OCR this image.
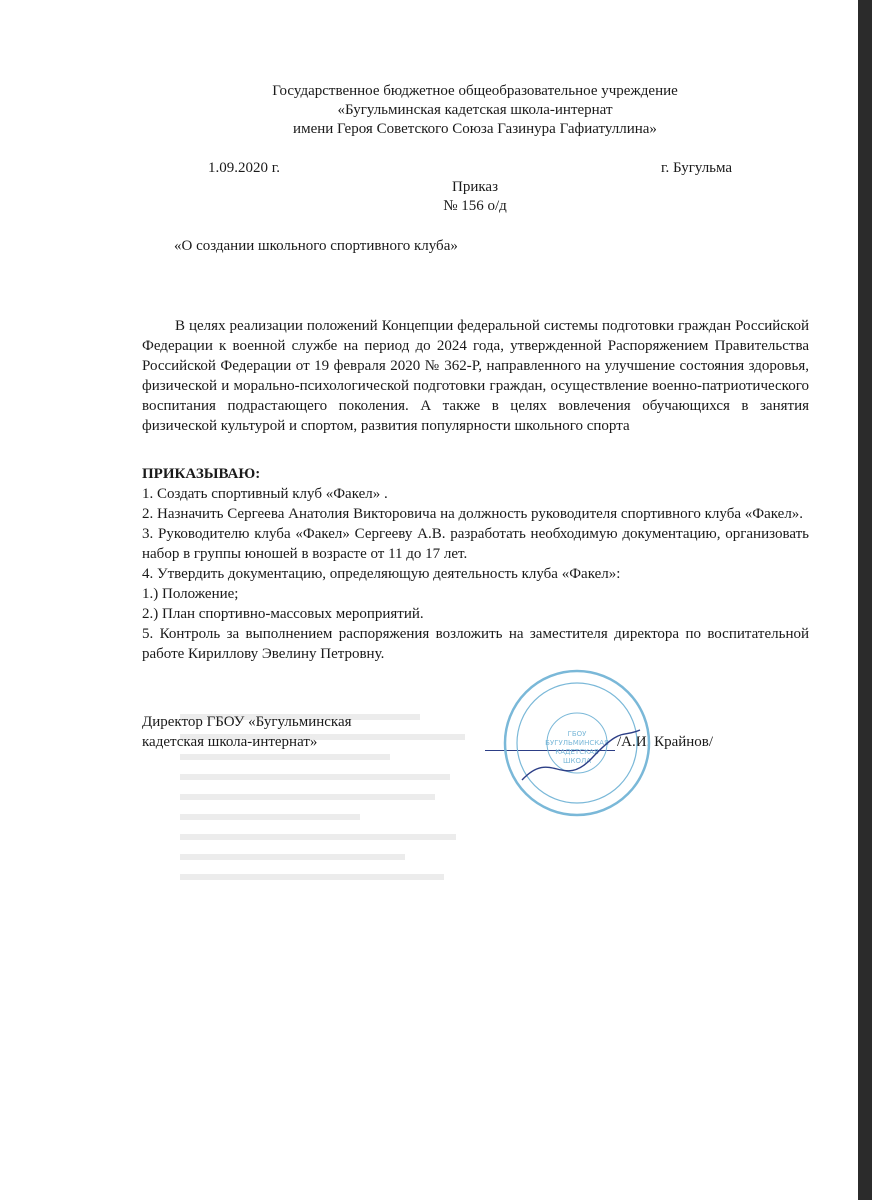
Государственное бюджетное общеобразовательное учреждение
«Бугульминская кадетская школа-интернат
имени Героя Советского Союза Газинура Гафиатуллина»
1.09.2020 г.	г. Бугульма
Приказ
№ 156 о/д
«О создании школьного спортивного клуба»

В целях реализации положений Концепции федеральной системы подготовки граждан Российской Федерации к военной службе на период до 2024 года, утвержденной Распоряжением Правительства Российской Федерации от 19 февраля 2020 № 362-Р, направленного на улучшение состояния здоровья, физической и морально-психологической подготовки граждан, осуществление военно-патриотического воспитания подрастающего поколения. А также в целях вовлечения обучающихся в занятия физической культурой и спортом, развития популярности школьного спорта

ПРИКАЗЫВАЮ:

1. Создать спортивный клуб «Факел» .

2. Назначить Сергеева Анатолия Викторовича на должность руководителя спортивного клуба «Факел».

3. Руководителю клуба «Факел» Сергееву А.В. разработать необходимую документацию, организовать набор в группы юношей в возрасте от 11 до 17 лет.

4. Утвердить документацию, определяющую деятельность клуба «Факел»:

1.) Положение;

2.) План спортивно-массовых мероприятий.

5. Контроль за выполнением распоряжения возложить на заместителя директора по воспитательной работе Кириллову Эвелину Петровну.

Директор ГБОУ «Бугульминская
кадетская школа-интернат»	/А.И. Крайнов/
ГБОУ
БУГУЛЬМИНСКАЯ
КАДЕТСКАЯ
ШКОЛА
